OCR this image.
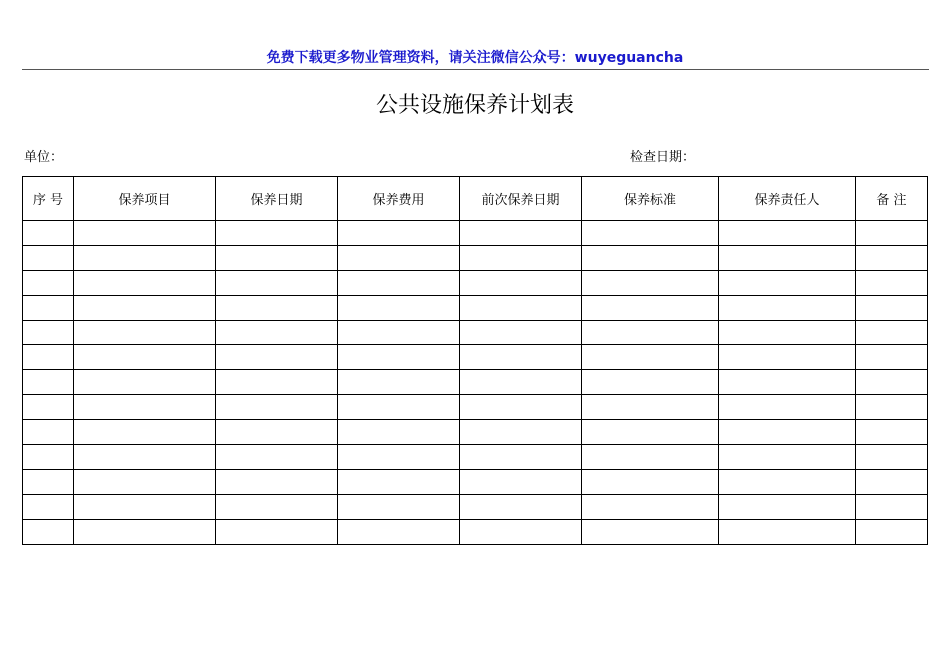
免费下载更多物业管理资料，请关注微信公众号：wuyeguancha
公共设施保养计划表
单位：	检查日期：
序 号	保养项目	保养日期	保养费用	前次保养日期	保养标准	保养责任人	备 注
